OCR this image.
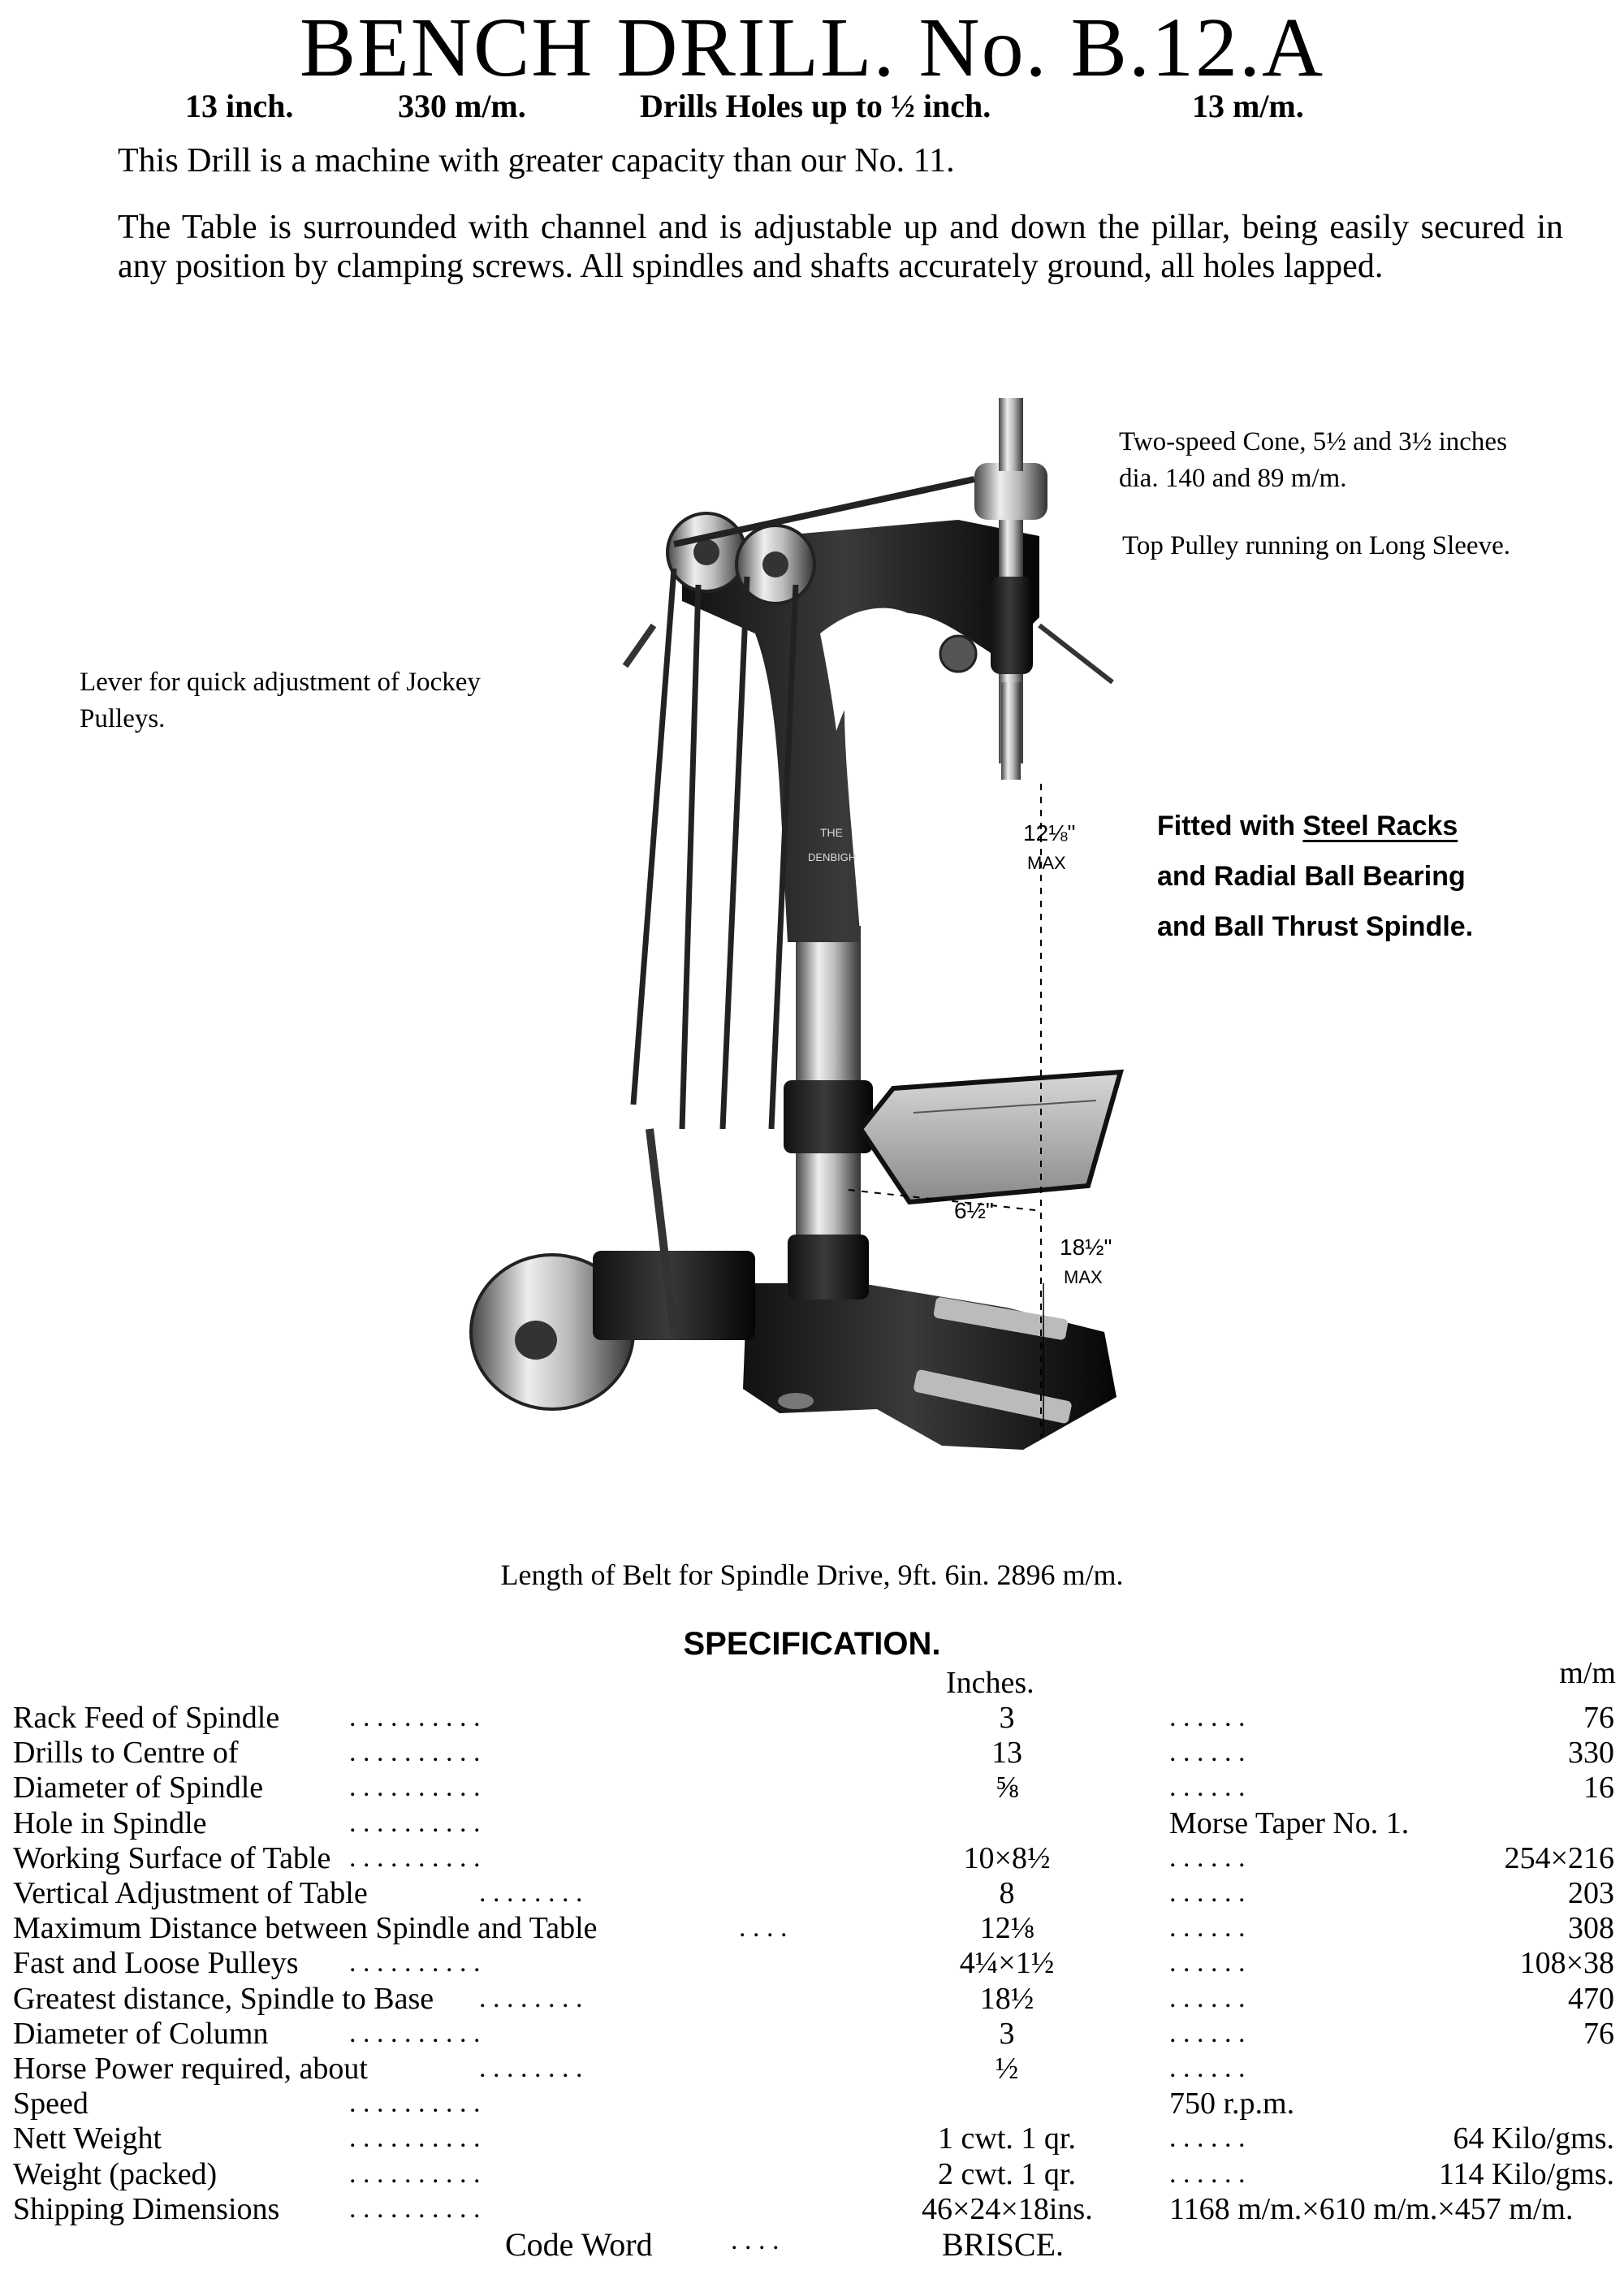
BENCH DRILL. No. B.12.A
13 inch.	330 m/m.	Drills Holes up to ½ inch.	13 m/m.
This Drill is a machine with greater capacity than our No. 11.
The Table is surrounded with channel and is adjustable up and down the pillar, being easily secured in any position by clamping screws. All spindles and shafts accurately ground, all holes lapped.
Two-speed Cone, 5½ and 3½ inches dia. 140 and 89 m/m.
Top Pulley running on Long Sleeve.
Lever for quick adjustment of Jockey Pulleys.
Fitted with Steel Racks
and Radial Ball Bearing
and Ball Thrust Spindle.
THE
DENBIGH
12⅛"
MAX
6½"
18½"
MAX
Length of Belt for Spindle Drive, 9ft. 6in. 2896 m/m.
SPECIFICATION.
Inches.	m/m
Rack Feed of Spindle	. . . . . . . . . .	3	. . . . . .	76
Drills to Centre of	. . . . . . . . . .	13	. . . . . .	330
Diameter of Spindle	. . . . . . . . . .	⅝	. . . . . .	16
Hole in Spindle	. . . . . . . . . .	Morse Taper No. 1.
Working Surface of Table . . . . . . . . . .	10×8½	. . . . . .	254×216
Vertical Adjustment of Table	. . . . . . . .	8	. . . . . .	203
Maximum Distance between Spindle and Table	. . . .	12⅛	. . . . . .	308
Fast and Loose Pulleys . . . . . . . . . .	4¼×1½	. . . . . .	108×38
Greatest distance, Spindle to Base . . . . . . . .	18½	. . . . . .	470
Diameter of Column	. . . . . . . . . .	3	. . . . . .	76
Horse Power required, about	. . . . . . . .	½	. . . . . .
Speed	. . . . . . . . . .	750 r.p.m.
Nett Weight	. . . . . . . . . .	1 cwt. 1 qr.	. . . . . .	64 Kilo/gms.
Weight (packed)	. . . . . . . . . .	2 cwt. 1 qr.	. . . . . .	114 Kilo/gms.
Shipping Dimensions	. . . . . . . . . .	46×24×18ins. 1168 m/m.×610 m/m.×457 m/m.
Code Word	. . . .	BRISCE.
